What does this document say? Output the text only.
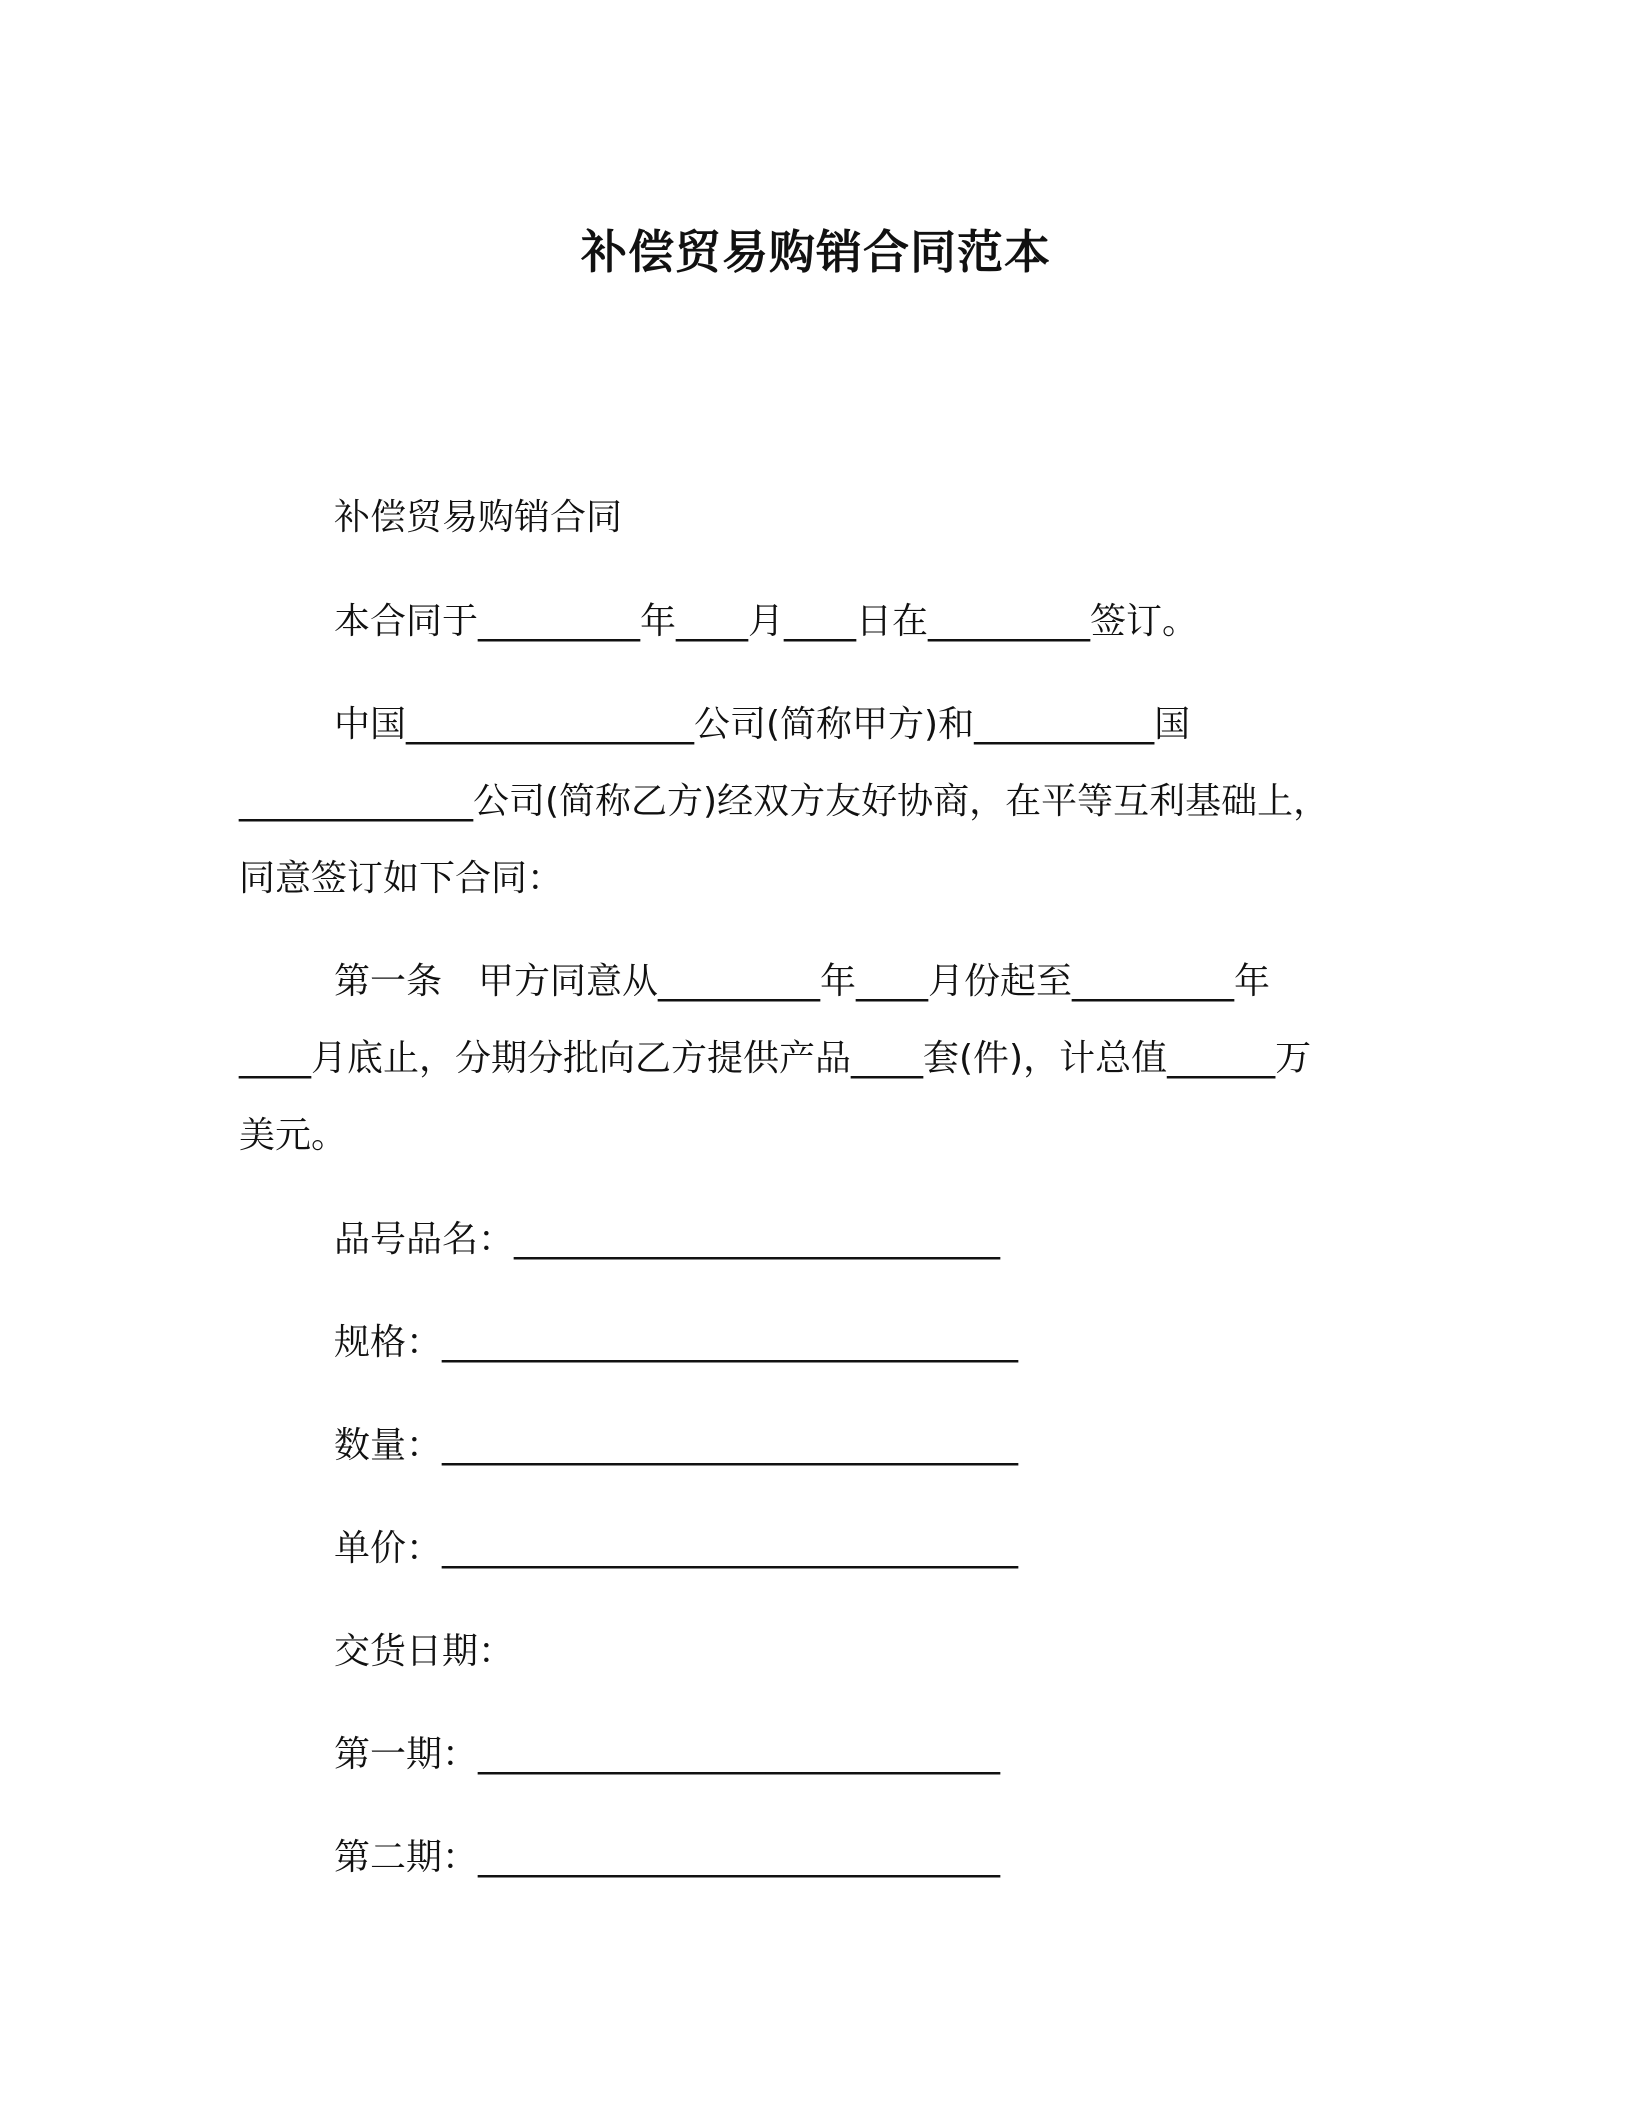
补偿贸易购销合同范本
补偿贸易购销合同
本合同于_________年____月____日在_________签订。
中国________________公司(简称甲方)和__________国
_____________公司(简称乙方)经双方友好协商，在平等互利基础上，
同意签订如下合同：
第一条　甲方同意从_________年____月份起至_________年
____月底止，分期分批向乙方提供产品____套(件)，计总值______万
美元。
品号品名：___________________________
规格：________________________________
数量：________________________________
单价：________________________________
交货日期：
第一期：_____________________________
第二期：_____________________________
